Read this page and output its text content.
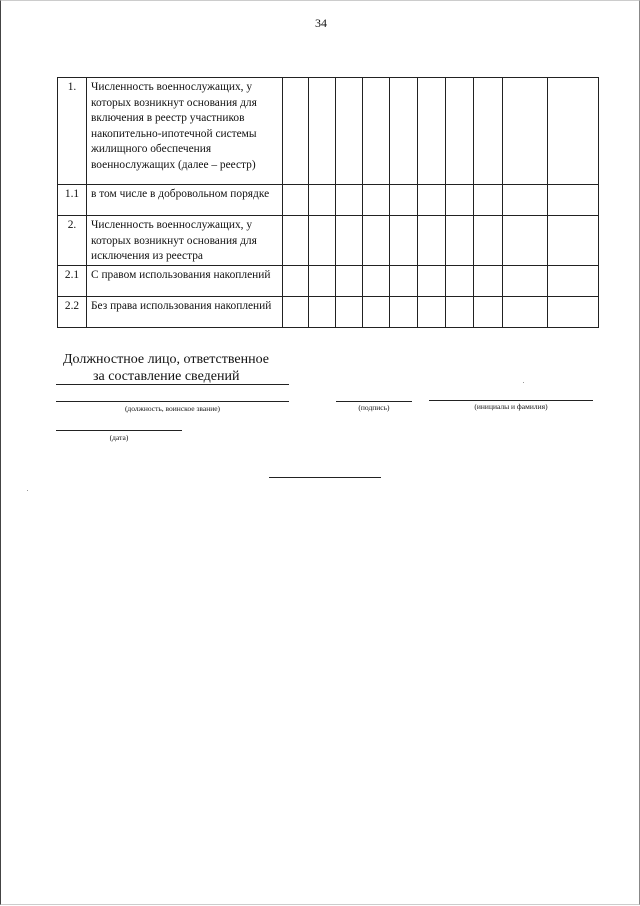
34
1.	Численность военнослужащих, у которых возникнут основания для включения в реестр участников накопительно-ипотечной системы жилищного обеспечения военнослужащих (далее – реестр)										
1.1	в том числе в добровольном порядке										
2.	Численность военнослужащих, у которых возникнут основания для исключения из реестра										
2.1	С правом использования накоплений										
2.2	Без права использования накоплений										
Должностное лицо, ответственное
за составление сведений
(должность, воинское звание)	(подпись)	(инициалы и фамилия)
(дата)
